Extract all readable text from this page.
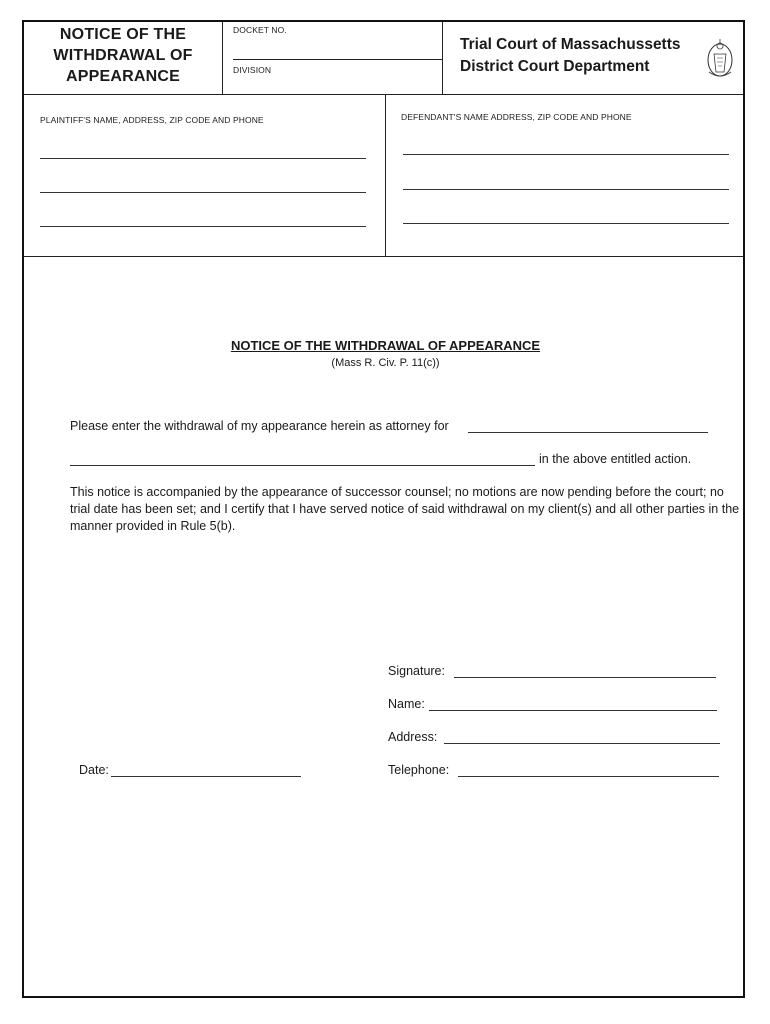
NOTICE OF THE
WITHDRAWAL OF
APPEARANCE
DOCKET NO.
DIVISION
Trial Court of Massachussetts
District Court Department
PLAINTIFF'S NAME, ADDRESS, ZIP CODE AND PHONE	DEFENDANT'S NAME ADDRESS, ZIP CODE AND PHONE
NOTICE OF THE WITHDRAWAL OF APPEARANCE
(Mass R. Civ. P. 11(c))
Please enter the withdrawal of my appearance herein as attorney for
in the above entitled action.
This notice is accompanied by the appearance of successor counsel; no motions are now pending before the court; no trial date has been set; and I certify that I have served notice of said withdrawal on my client(s) and all other parties in the manner provided in Rule 5(b).
Signature:
Name:
Address:
Telephone:
Date:
